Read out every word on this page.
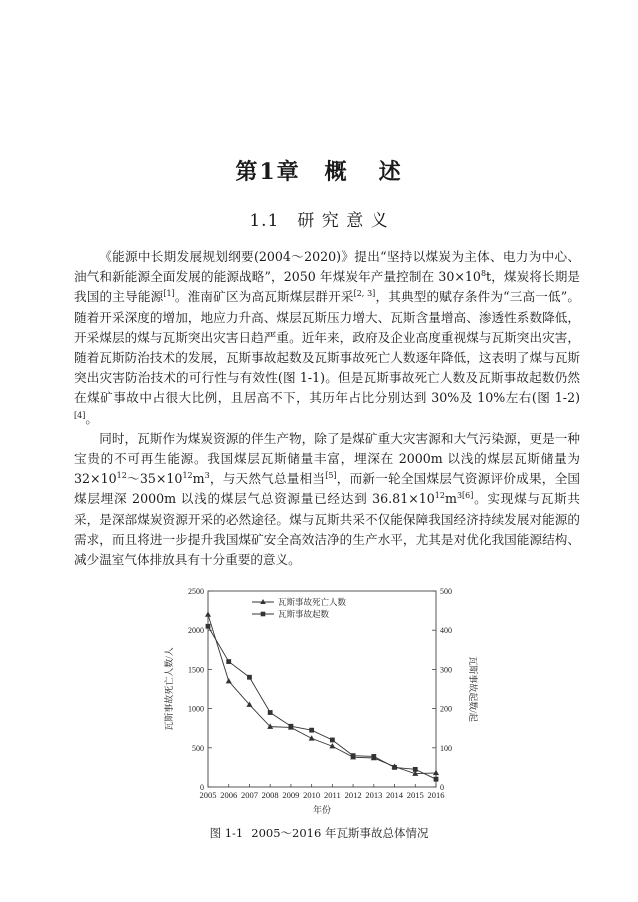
第1章 概 述
1.1 研 究 意 义

《能源中长期发展规划纲要(2004～2020)》提出“坚持以煤炭为主体、电力为中心、油气和新能源全面发展的能源战略”，2050 年煤炭年产量控制在 $30\times 10^8t$，煤炭将长期是我国的主导能源[1]。淮南矿区为高瓦斯煤层群开采[2, 3]，其典型的赋存条件为“三高一低”。随着开采深度的增加，地应力升高、煤层瓦斯压力增大、瓦斯含量增高、渗透性系数降低，开采煤层的煤与瓦斯突出灾害日趋严重。近年来，政府及企业高度重视煤与瓦斯突出灾害，随着瓦斯防治技术的发展，瓦斯事故起数及瓦斯事故死亡人数逐年降低，这表明了煤与瓦斯突出灾害防治技术的可行性与有效性(图 1-1)。但是瓦斯事故死亡人数及瓦斯事故起数仍然在煤矿事故中占很大比例，且居高不下，其历年占比分别达到 30%及 10%左右(图 1-2)[4]。

同时，瓦斯作为煤炭资源的伴生产物，除了是煤矿重大灾害源和大气污染源，更是一种宝贵的不可再生能源。我国煤层瓦斯储量丰富，埋深在 2000m 以浅的煤层瓦斯储量为 $32\times 10^{12}\sim 35\times 10^{12}m^3$，与天然气总量相当[5]，而新一轮全国煤层气资源评价成果，全国煤层埋深 2000m 以浅的煤层气总资源量已经达到 $36.81\times 10^{12}m^{3[6]}$。实现煤与瓦斯共采，是深部煤炭资源开采的必然途径。煤与瓦斯共采不仅能保障我国经济持续发展对能源的需求，而且将进一步提升我国煤矿安全高效洁净的生产水平，尤其是对优化我国能源结构、减少温室气体排放具有十分重要的意义。

0
500
1000
1500
2000
2500
0
100
200
300
400
500
2005 2006 2007 2008 2009 2010 2011 2012 2013 2014 2015 2016
年份
瓦斯事故死亡人数/人	瓦斯事故起数/起
瓦斯事故死亡人数
瓦斯事故起数
图 1-1 2005～2016 年瓦斯事故总体情况
